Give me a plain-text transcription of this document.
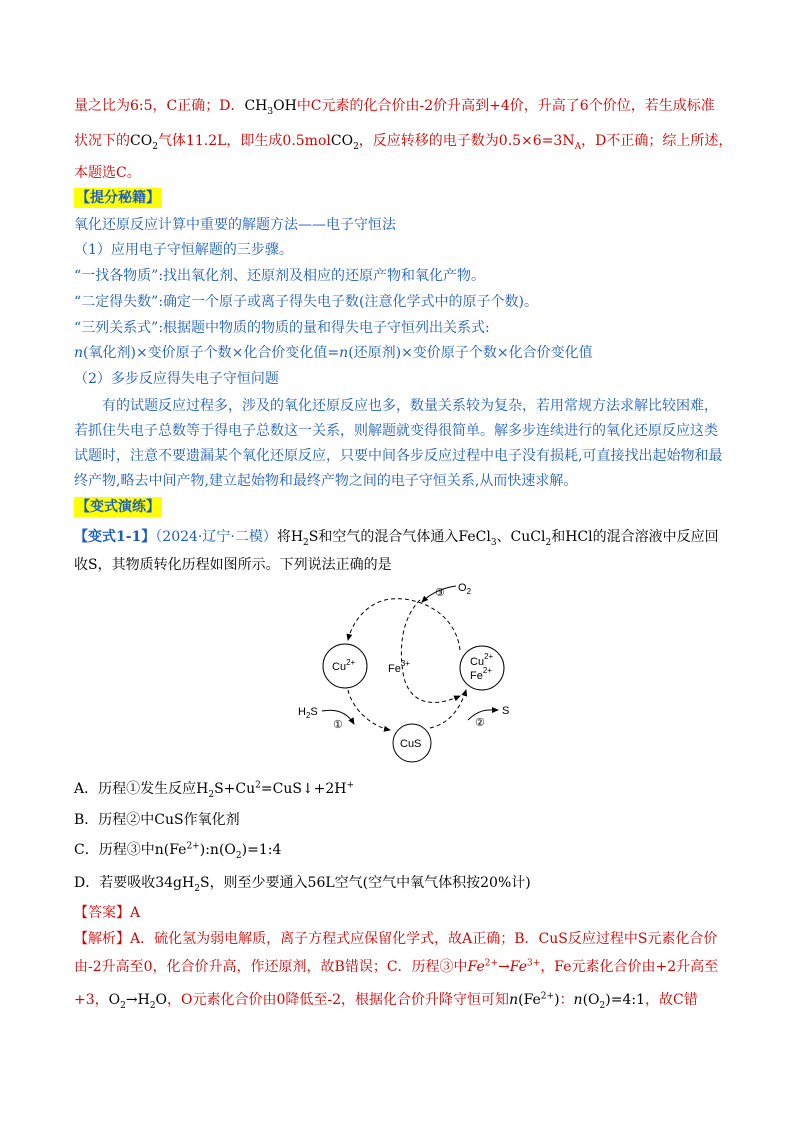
量之比为6:5，C正确；D．$CH_3OH$中C元素的化合价由-2价升高到+4价，升高了6个价位，若生成标准
状况下的$CO_2$气体11.2L，即生成0.5molCO$_2$，反应转移的电子数为$0.5\times 6=3N_A$，D不正确；综上所述，
本题选C。
【提分秘籍】
氧化还原反应计算中重要的解题方法——电子守恒法
（1）应用电子守恒解题的三步骤。
“一找各物质”:找出氧化剂、还原剂及相应的还原产物和氧化产物。
“二定得失数”:确定一个原子或离子得失电子数(注意化学式中的原子个数)。
“三列关系式”:根据题中物质的物质的量和得失电子守恒列出关系式:
n(氧化剂)×变价原子个数×化合价变化值=n(还原剂)×变价原子个数×化合价变化值
（2）多步反应得失电子守恒问题
有的试题反应过程多，涉及的氧化还原反应也多，数量关系较为复杂，若用常规方法求解比较困难，
若抓住失电子总数等于得电子总数这一关系，则解题就变得很简单。解多步连续进行的氧化还原反应这类
试题时，注意不要遗漏某个氧化还原反应，只要中间各步反应过程中电子没有损耗,可直接找出起始物和最
终产物,略去中间产物,建立起始物和最终产物之间的电子守恒关系,从而快速求解。
【变式演练】
【变式1-1】（2024·辽宁·二模）将$H_2S$和空气的混合气体通入FeCl$_3$、CuCl$_2$和HCl的混合溶液中反应回
收S，其物质转化历程如图所示。下列说法正确的是
③ $O_2$
$Cu^{2+}$
$Fe^{3+}$	$Cu^{2+}$
$Fe^{2+}$
$H_2S$
①
CuS
②
S
A．历程①发生反应$H_2S+Cu^2=CuS↓+2H^+$
B．历程②中CuS作氧化剂
C．历程③中$n(Fe^{2+}):n(O_2)=1:4$
D．若要吸收$34gH_2S$，则至少要通入56L空气(空气中氧气体积按20%计)
【答案】A
【解析】A．硫化氢为弱电解质，离子方程式应保留化学式，故A正确；B．CuS反应过程中S元素化合价
由-2升高至0，化合价升高，作还原剂，故B错误；C．历程③中$Fe^{2+}\to Fe^{3+}$，Fe元素化合价由+2升高至
+3，$O_2\to H_2O$，O元素化合价由0降低至-2，根据化合价升降守恒可知$n(Fe^{2+})$：$n(O_2)=4:1$，故C错
